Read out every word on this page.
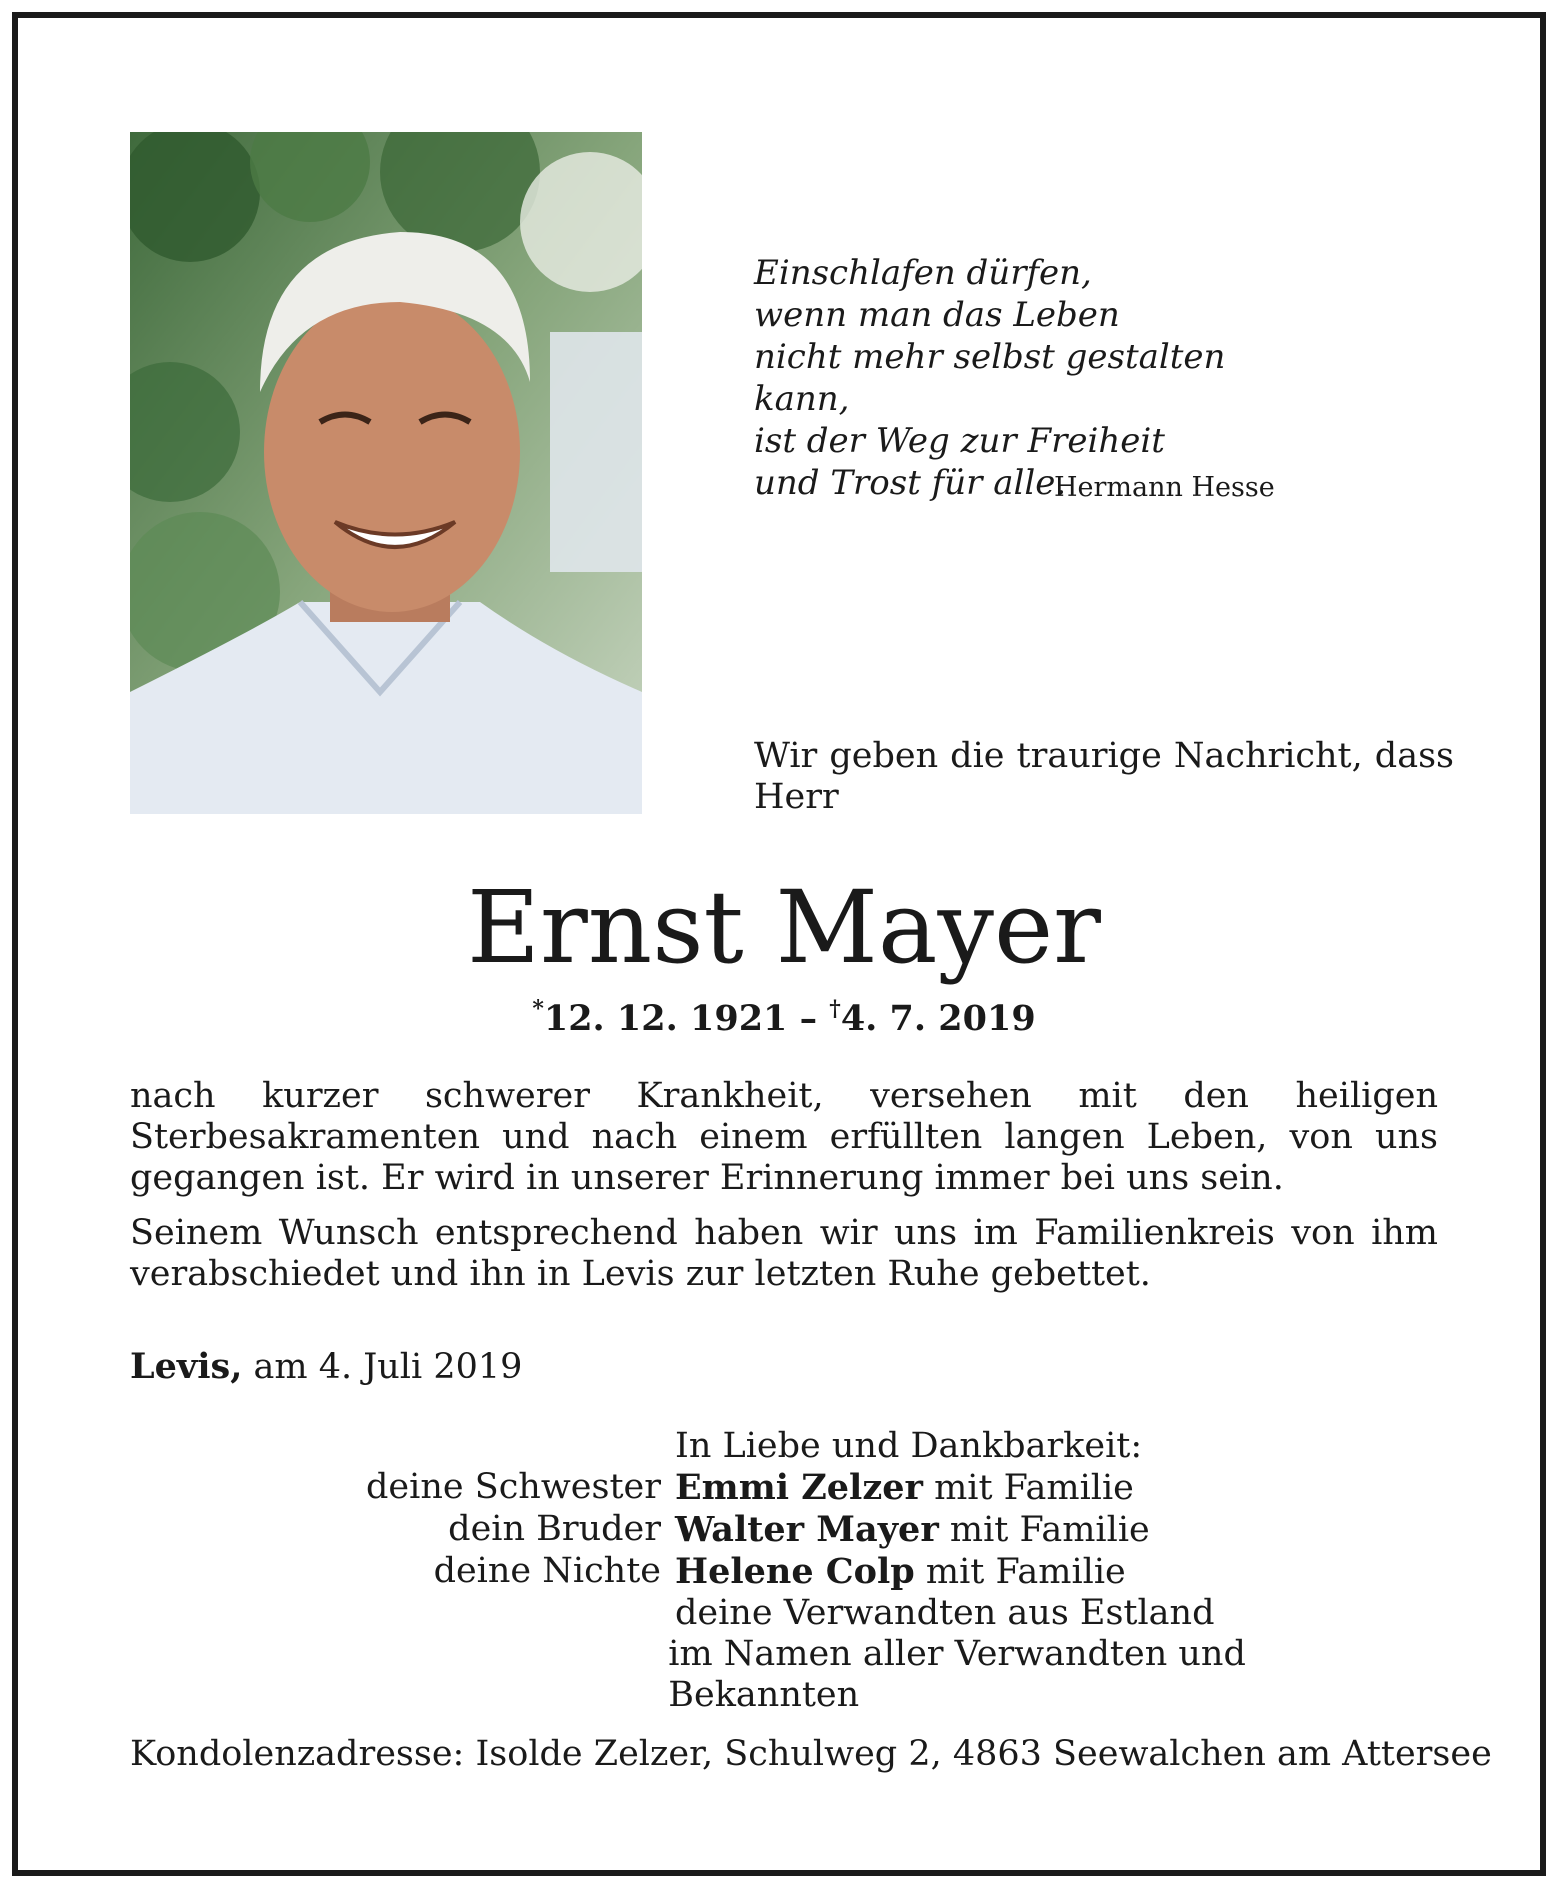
Einschlafen dürfen,
wenn man das Leben
nicht mehr selbst gestalten kann,
ist der Weg zur Freiheit
und Trost für alle.
Hermann Hesse
Wir geben die traurige Nachricht, dass Herr
Ernst Mayer
*12. 12. 1921 – †4. 7. 2019

nach kurzer schwerer Krankheit, versehen mit den heiligen Sterbesakramenten und nach einem erfüllten langen Leben, von uns gegangen ist. Er wird in unserer Erinnerung immer bei uns sein.

Seinem Wunsch entsprechend haben wir uns im Familienkreis von ihm verabschiedet und ihn in Levis zur letzten Ruhe gebettet.

Levis, am 4. Juli 2019
In Liebe und Dankbarkeit:
deine Schwester Emmi Zelzer mit Familie
dein Bruder Walter Mayer mit Familie
deine Nichte Helene Colp mit Familie
deine Verwandten aus Estland
im Namen aller Verwandten und Bekannten
Kondolenzadresse: Isolde Zelzer, Schulweg 2, 4863 Seewalchen am Attersee
